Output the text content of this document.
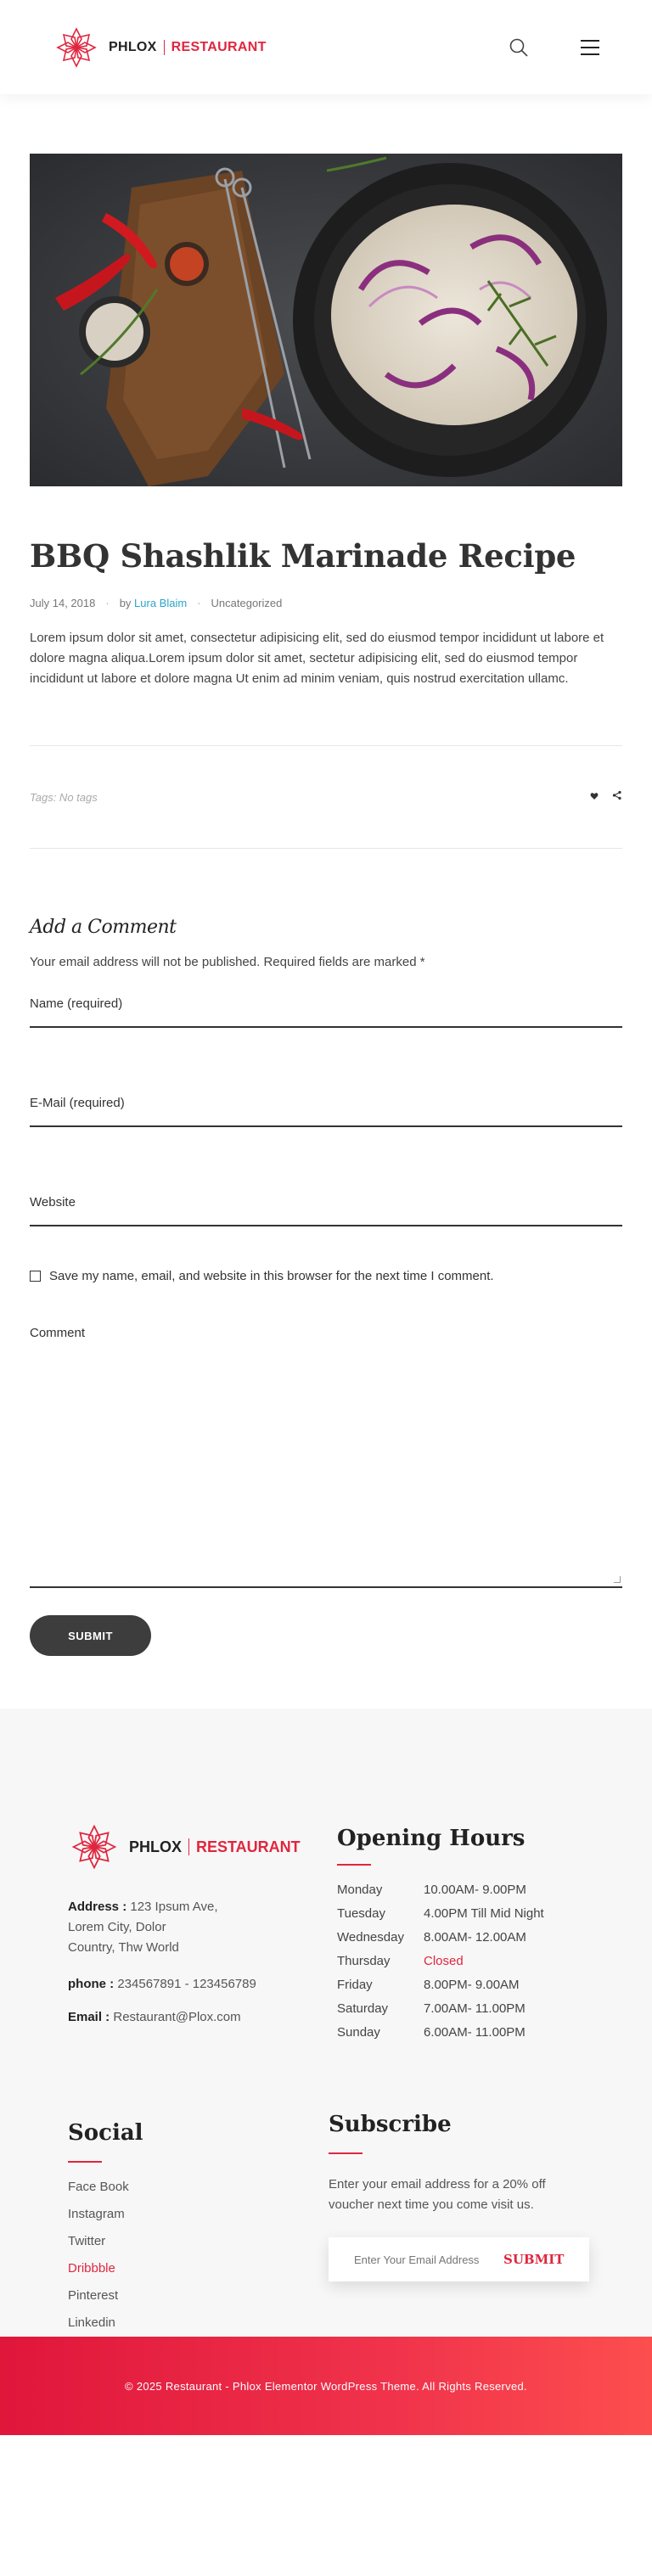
PHLOX RESTAURANT
BBQ Shashlik Marinade Recipe
July 14, 2018 · by
Lura Blaim · Uncategorized

Lorem ipsum dolor sit amet, consectetur adipisicing elit, sed do eiusmod tempor incididunt ut labore et dolore magna aliqua.Lorem ipsum dolor sit amet, sectetur adipisicing elit, sed do eiusmod tempor incididunt ut labore et dolore magna Ut enim ad minim veniam, quis nostrud exercitation ullamc.

Tags: No tags
Add a Comment

Your email address will not be published. Required fields are marked *

Name (required)
E-Mail (required)
Website
Save my name, email, and website in this browser for the next time I comment.
Comment
SUBMIT
PHLOX RESTAURANT
Address : 123 Ipsum Ave,
Lorem City, Dolor
Country, Thw World
phone : 234567891 - 123456789
Email : Restaurant@Plox.com
Opening Hours
Monday	10.00AM- 9.00PM
Tuesday	4.00PM Till Mid Night
Wednesday	8.00AM- 12.00AM
Thursday	Closed
Friday	8.00PM- 9.00AM
Saturday	7.00AM- 11.00PM
Sunday	6.00AM- 11.00PM
Social
Face Book
Instagram
Twitter
Dribbble
Pinterest
Linkedin
Subscribe

Enter your email address for a 20% off voucher next time you come visit us.

Enter Your Email Address
SUBMIT
© 2025 Restaurant - Phlox Elementor WordPress Theme. All Rights Reserved.
